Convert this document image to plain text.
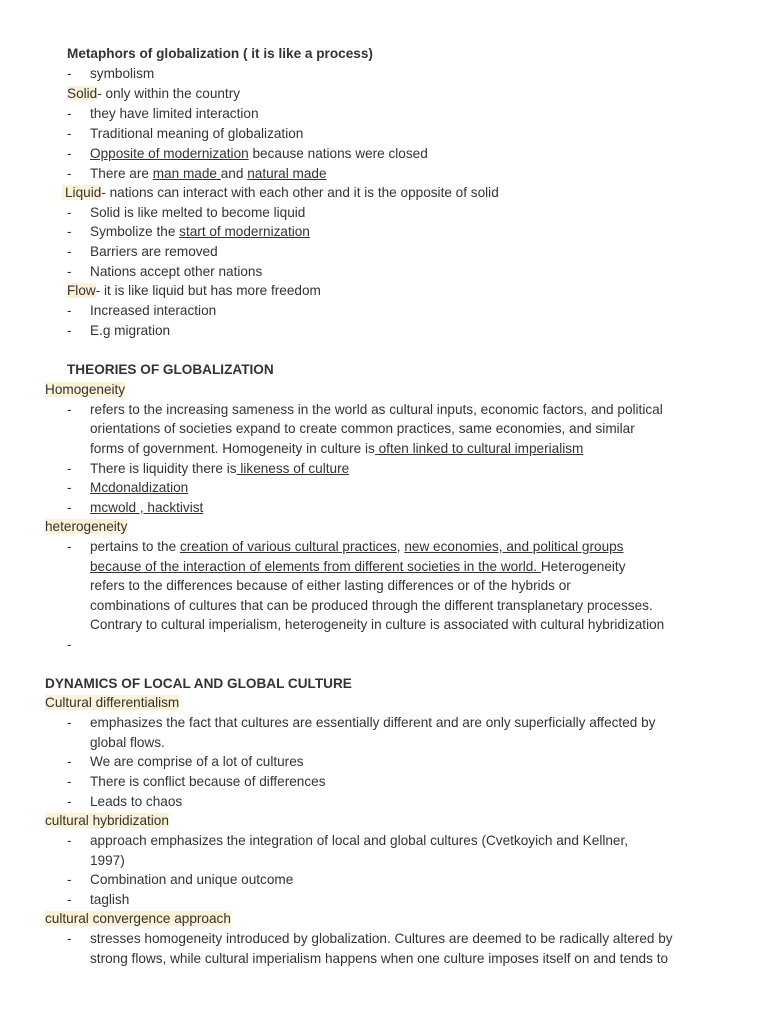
Metaphors of globalization ( it is like a process)
- symbolism
Solid- only within the country
- they have limited interaction
- Traditional meaning of globalization
- Opposite of modernization because nations were closed
- There are man made and natural made
Liquid- nations can interact with each other and it is the opposite of solid
- Solid is like melted to become liquid
- Symbolize the start of modernization
- Barriers are removed
- Nations accept other nations
Flow- it is like liquid but has more freedom
- Increased interaction
- E.g migration
THEORIES OF GLOBALIZATION
Homogeneity
- refers to the increasing sameness in the world as cultural inputs, economic factors, and political
orientations of societies expand to create common practices, same economies, and similar
forms of government. Homogeneity in culture is often linked to cultural imperialism
- There is liquidity there is likeness of culture
- Mcdonaldization
- mcwold , hacktivist
heterogeneity
- pertains to the creation of various cultural practices, new economies, and political groups
because of the interaction of elements from different societies in the world. Heterogeneity
refers to the differences because of either lasting differences or of the hybrids or
combinations of cultures that can be produced through the different transplanetary processes.
Contrary to cultural imperialism, heterogeneity in culture is associated with cultural hybridization
-
DYNAMICS OF LOCAL AND GLOBAL CULTURE
Cultural differentialism
- emphasizes the fact that cultures are essentially different and are only superficially affected by
global flows.
- We are comprise of a lot of cultures
- There is conflict because of differences
- Leads to chaos
cultural hybridization
- approach emphasizes the integration of local and global cultures (Cvetkoyich and Kellner,
1997)
- Combination and unique outcome
- taglish
cultural convergence approach
- stresses homogeneity introduced by globalization. Cultures are deemed to be radically altered by
strong flows, while cultural imperialism happens when one culture imposes itself on and tends to
